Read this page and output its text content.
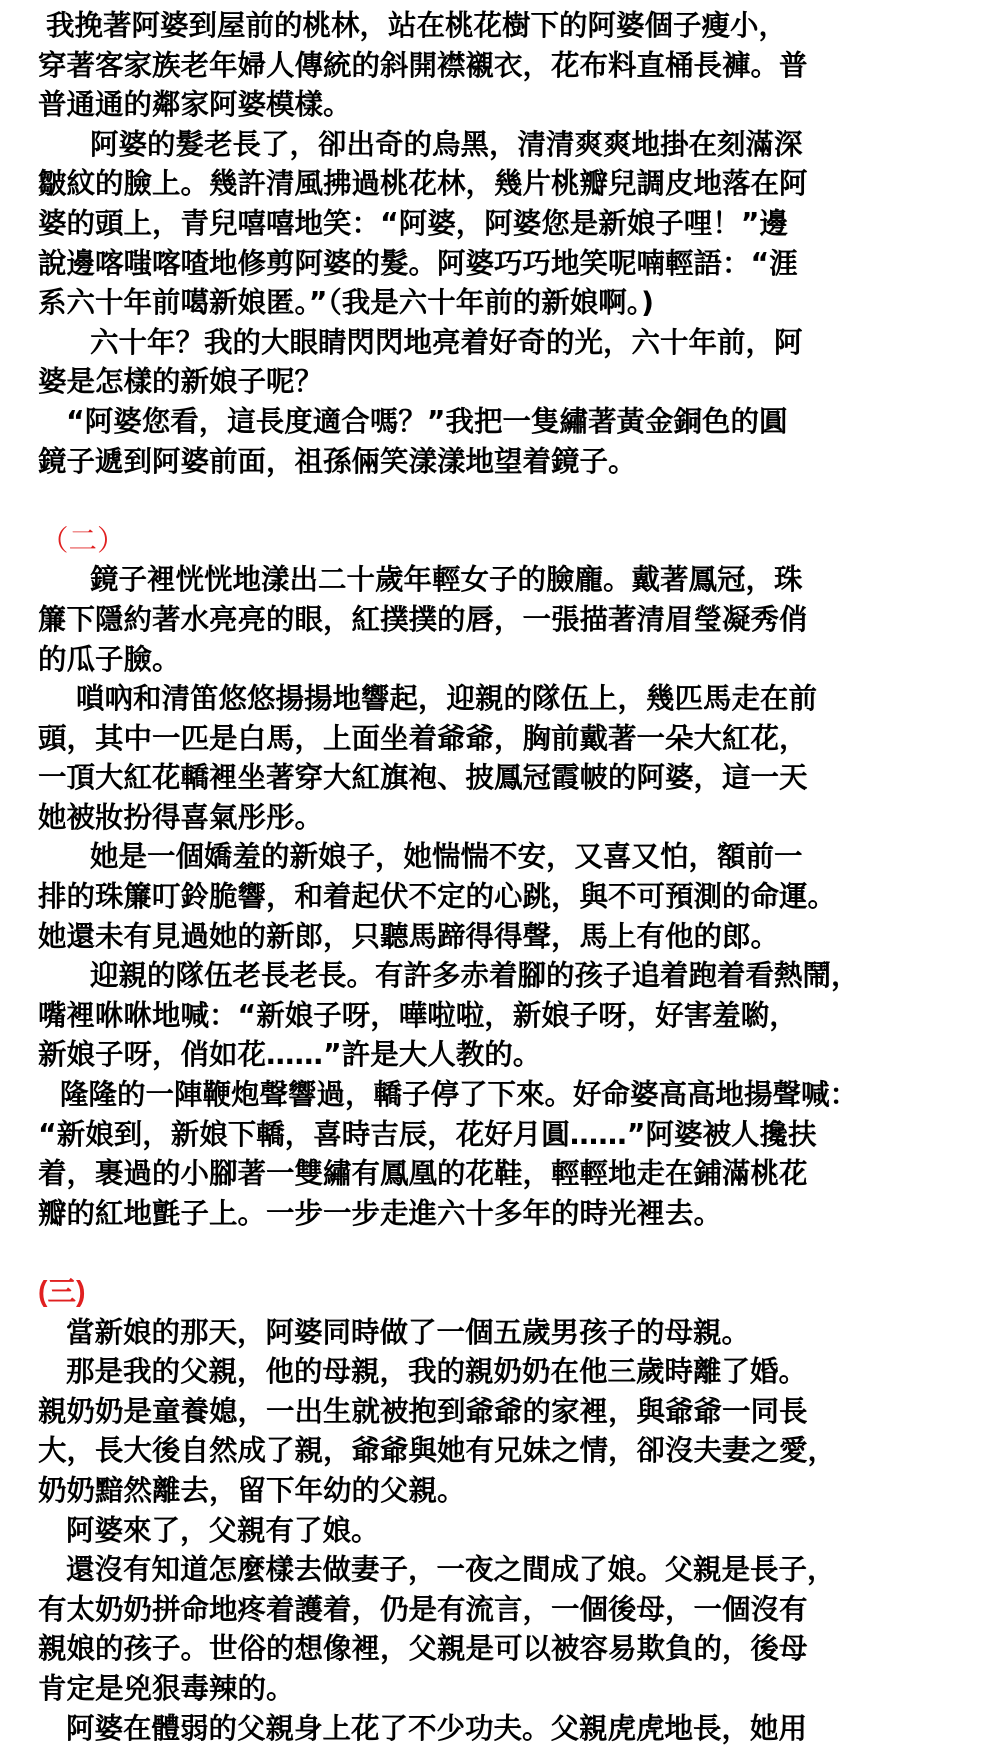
我挽著阿婆到屋前的桃林，站在桃花樹下的阿婆個子瘦小，
穿著客家族老年婦人傳統的斜開襟襯衣，花布料直桶長褲。普
普通通的鄰家阿婆模樣。
阿婆的髮老長了，卻出奇的烏黑，清清爽爽地掛在刻滿深
皺紋的臉上。幾許清風拂過桃花林，幾片桃瓣兒調皮地落在阿
婆的頭上，青兒嘻嘻地笑：“阿婆，阿婆您是新娘子哩！”邊
說邊喀嗤喀喳地修剪阿婆的髮。阿婆巧巧地笑呢喃輕語：“涯
系六十年前噶新娘匿。”（我是六十年前的新娘啊。)
六十年？我的大眼睛閃閃地亮着好奇的光，六十年前，阿
婆是怎樣的新娘子呢？
“阿婆您看，這長度適合嗎？”我把一隻繡著黃金銅色的圓
鏡子遞到阿婆前面，祖孫倆笑漾漾地望着鏡子。
（二）
鏡子裡恍恍地漾出二十歲年輕女子的臉龐。戴著鳳冠，珠
簾下隱約著水亮亮的眼，紅撲撲的唇，一張描著清眉瑩凝秀俏
的瓜子臉。
嗩吶和清笛悠悠揚揚地響起，迎親的隊伍上，幾匹馬走在前
頭，其中一匹是白馬，上面坐着爺爺，胸前戴著一朵大紅花，
一頂大紅花轎裡坐著穿大紅旗袍、披鳳冠霞帔的阿婆，這一天
她被妝扮得喜氣彤彤。
她是一個嬌羞的新娘子，她惴惴不安，又喜又怕，額前一
排的珠簾叮鈴脆響，和着起伏不定的心跳，與不可預測的命運。
她還未有見過她的新郎，只聽馬蹄得得聲，馬上有他的郎。
迎親的隊伍老長老長。有許多赤着腳的孩子追着跑着看熱鬧，
嘴裡咻咻地喊：“新娘子呀，嘩啦啦，新娘子呀，好害羞喲，
新娘子呀，俏如花……”許是大人教的。
隆隆的一陣鞭炮聲響過，轎子停了下來。好命婆高高地揚聲喊：
“新娘到，新娘下轎，喜時吉辰，花好月圓……”阿婆被人攙扶
着，裹過的小腳著一雙繡有鳳凰的花鞋，輕輕地走在鋪滿桃花
瓣的紅地氈子上。一步一步走進六十多年的時光裡去。
(三)
當新娘的那天，阿婆同時做了一個五歲男孩子的母親。
那是我的父親，他的母親，我的親奶奶在他三歲時離了婚。
親奶奶是童養媳，一出生就被抱到爺爺的家裡，與爺爺一同長
大，長大後自然成了親，爺爺與她有兄妹之情，卻沒夫妻之愛，
奶奶黯然離去，留下年幼的父親。
阿婆來了，父親有了娘。
還沒有知道怎麼樣去做妻子，一夜之間成了娘。父親是長子，
有太奶奶拼命地疼着護着，仍是有流言，一個後母，一個沒有
親娘的孩子。世俗的想像裡，父親是可以被容易欺負的，後母
肯定是兇狠毒辣的。
阿婆在體弱的父親身上花了不少功夫。父親虎虎地長，她用
